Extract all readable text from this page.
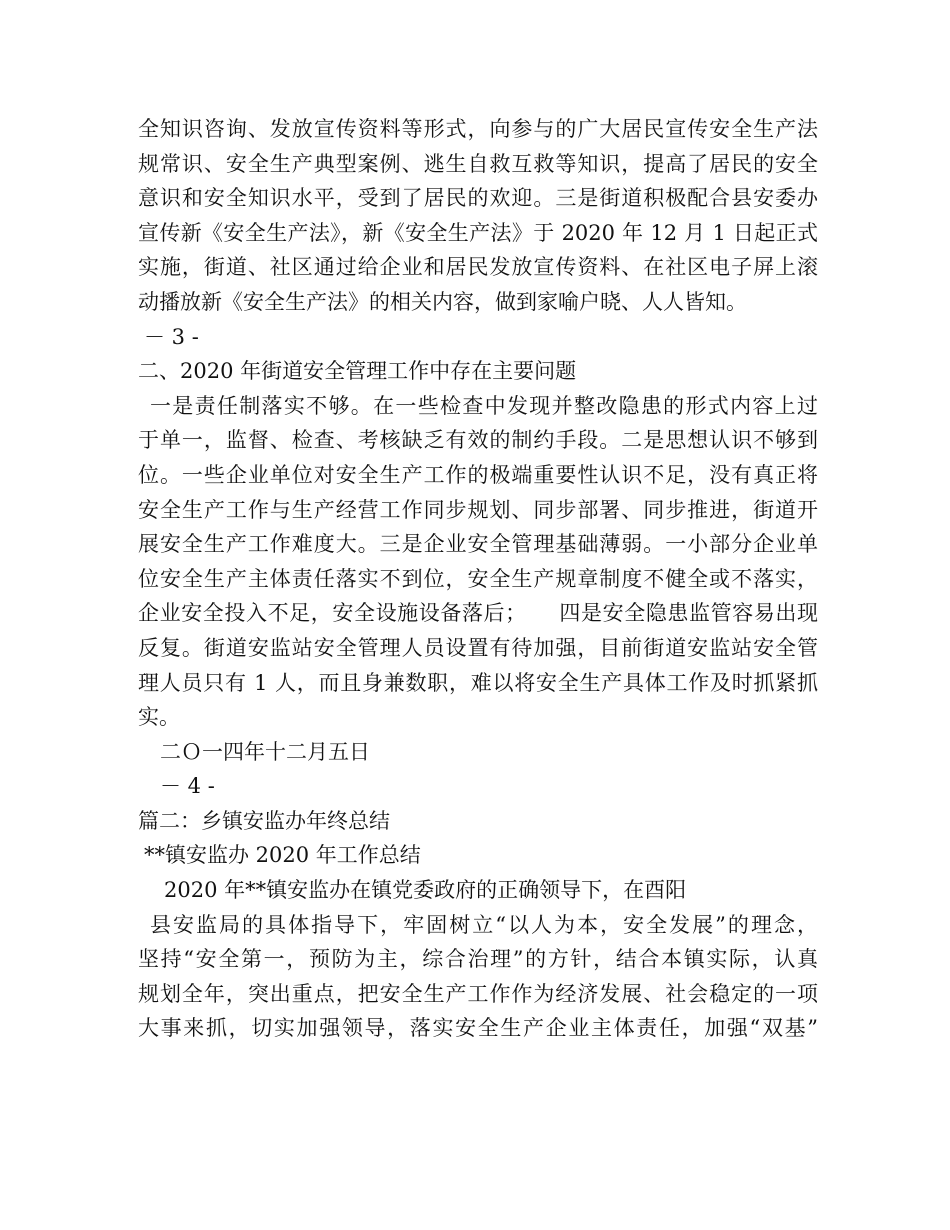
全知识咨询、发放宣传资料等形式，向参与的广大居民宣传安全生产法
规常识、安全生产典型案例、逃生自救互救等知识，提高了居民的安全
意识和安全知识水平，受到了居民的欢迎。三是街道积极配合县安委办
宣传新《安全生产法》，新《安全生产法》于 2020 年 12 月 1 日起正式
实施，街道、社区通过给企业和居民发放宣传资料、在社区电子屏上滚
动播放新《安全生产法》的相关内容，做到家喻户晓、人人皆知。
－ 3 -
二、2020 年街道安全管理工作中存在主要问题
一是责任制落实不够。在一些检查中发现并整改隐患的形式内容上过
于单一，监督、检查、考核缺乏有效的制约手段。二是思想认识不够到
位。一些企业单位对安全生产工作的极端重要性认识不足，没有真正将
安全生产工作与生产经营工作同步规划、同步部署、同步推进，街道开
展安全生产工作难度大。三是企业安全管理基础薄弱。一小部分企业单
位安全生产主体责任落实不到位，安全生产规章制度不健全或不落实，
企业安全投入不足，安全设施设备落后；　　四是安全隐患监管容易出现
反复。街道安监站安全管理人员设置有待加强，目前街道安监站安全管
理人员只有 1 人，而且身兼数职，难以将安全生产具体工作及时抓紧抓
实。
二Ｏ一四年十二月五日
－ 4 -
篇二：乡镇安监办年终总结
**镇安监办 2020 年工作总结
2020 年**镇安监办在镇党委政府的正确领导下，在酉阳
县安监局的具体指导下，牢固树立“以人为本，安全发展”的理念，
坚持“安全第一，预防为主，综合治理”的方针，结合本镇实际，认真
规划全年，突出重点，把安全生产工作作为经济发展、社会稳定的一项
大事来抓，切实加强领导，落实安全生产企业主体责任，加强“双基”
